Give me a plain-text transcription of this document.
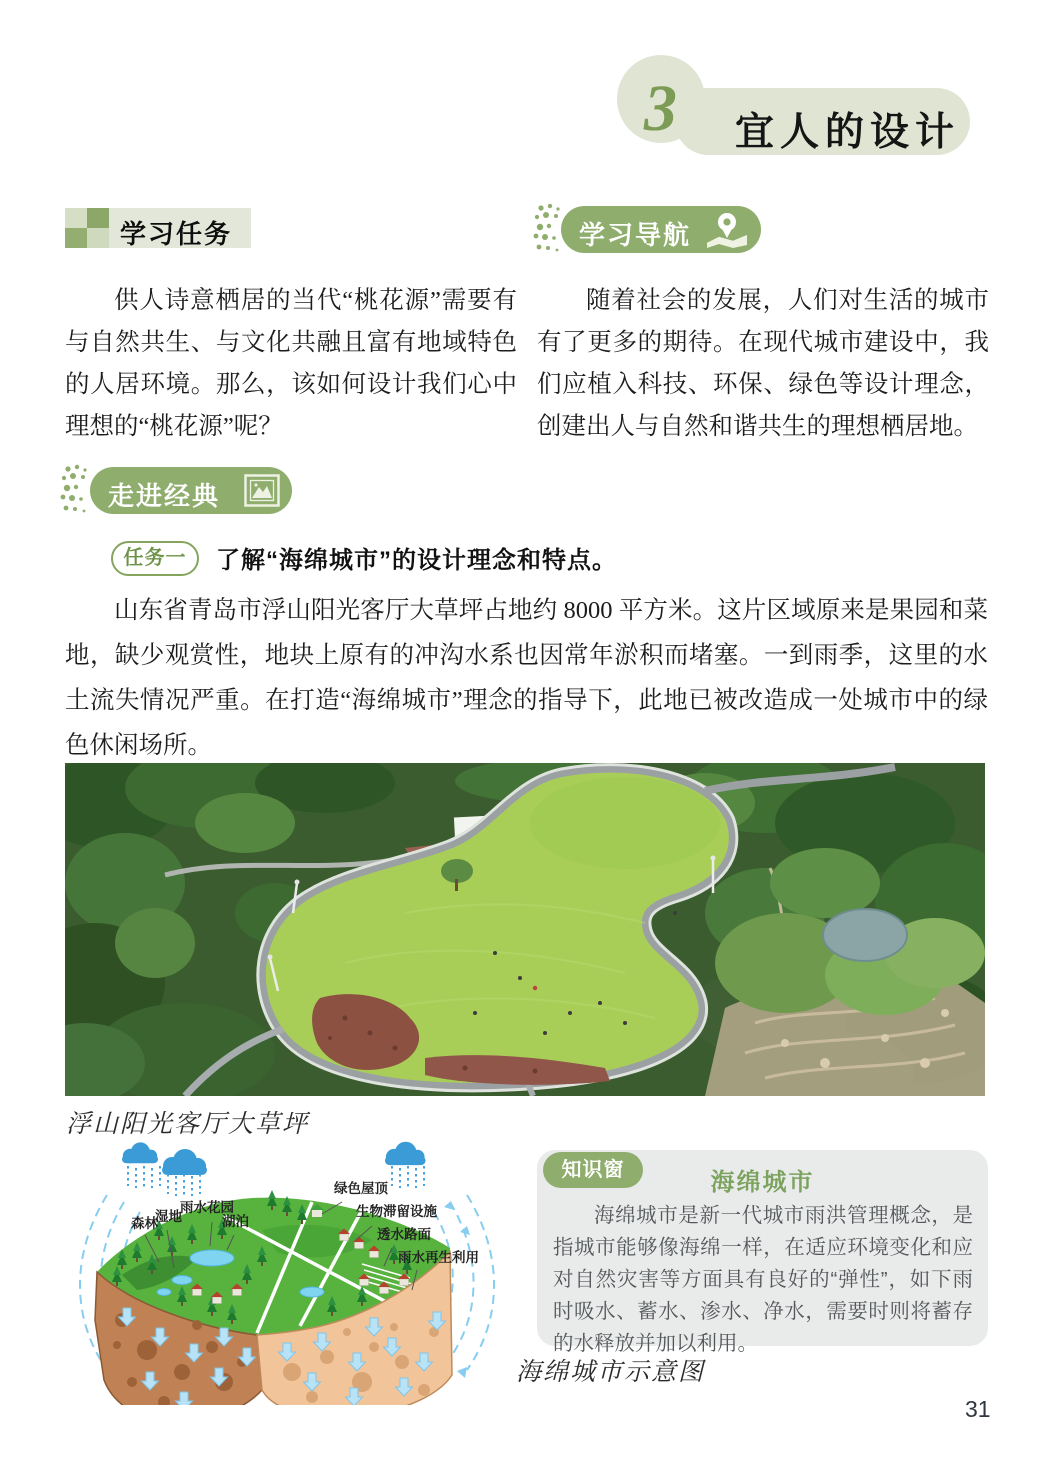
3 宜人的设计
学习任务	学习导航

供人诗意栖居的当代“桃花源”需要有与自然共生、与文化共融且富有地域特色的人居环境。那么，该如何设计我们心中理想的“桃花源”呢？

随着社会的发展，人们对生活的城市有了更多的期待。在现代城市建设中，我们应植入科技、环保、绿色等设计理念，创建出人与自然和谐共生的理想栖居地。

走进经典
任务一	了解“海绵城市”的设计理念和特点。

山东省青岛市浮山阳光客厅大草坪占地约 8000 平方米。这片区域原来是果园和菜地，缺少观赏性，地块上原有的冲沟水系也因常年淤积而堵塞。一到雨季，这里的水土流失情况严重。在打造“海绵城市”理念的指导下，此地已被改造成一处城市中的绿色休闲场所。

浮山阳光客厅大草坪
森林
湿地
雨水花园
湖泊
绿色屋顶
生物滞留设施
透水路面
雨水再生利用
海绵城市示意图
知识窗	海绵城市

海绵城市是新一代城市雨洪管理概念，是指城市能够像海绵一样，在适应环境变化和应对自然灾害等方面具有良好的“弹性”，如下雨时吸水、蓄水、渗水、净水，需要时则将蓄存的水释放并加以利用。

31
